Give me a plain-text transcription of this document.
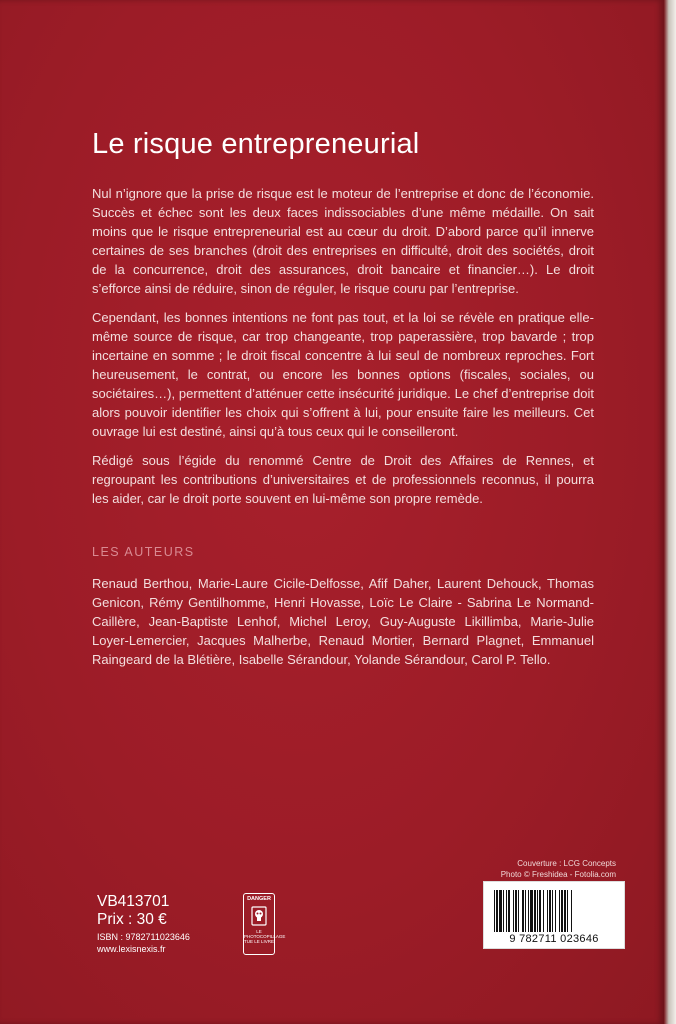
Le risque entrepreneurial

Nul n’ignore que la prise de risque est le moteur de l’entreprise et donc de l’économie. Succès et échec sont les deux faces indissociables d’une même médaille. On sait moins que le risque entrepreneurial est au cœur du droit. D’abord parce qu’il innerve certaines de ses branches (droit des entreprises en difficulté, droit des sociétés, droit de la concurrence, droit des assurances, droit bancaire et financier…). Le droit s’efforce ainsi de réduire, sinon de réguler, le risque couru par l’entreprise.

Cependant, les bonnes intentions ne font pas tout, et la loi se révèle en pratique elle-même source de risque, car trop changeante, trop paperassière, trop bavarde ; trop incertaine en somme ; le droit fiscal concentre à lui seul de nombreux reproches. Fort heureusement, le contrat, ou encore les bonnes options (fiscales, sociales, ou sociétaires…), permettent d’atténuer cette insécurité juridique. Le chef d’entreprise doit alors pouvoir identifier les choix qui s’offrent à lui, pour ensuite faire les meilleurs. Cet ouvrage lui est destiné, ainsi qu’à tous ceux qui le conseilleront.

Rédigé sous l’égide du renommé Centre de Droit des Affaires de Rennes, et regroupant les contributions d’universitaires et de professionnels reconnus, il pourra les aider, car le droit porte souvent en lui-même son propre remède.

LES AUTEURS
Renaud Berthou, Marie-Laure Cicile-Delfosse, Afif Daher, Laurent Dehouck, Thomas Genicon, Rémy Gentilhomme, Henri Hovasse, Loïc Le Claire - Sabrina Le Normand-Caillère, Jean-Baptiste Lenhof, Michel Leroy, Guy-Auguste Likillimba, Marie-Julie Loyer-Lemercier, Jacques Malherbe, Renaud Mortier, Bernard Plagnet, Emmanuel Raingeard de la Blétière, Isabelle Sérandour, Yolande Sérandour, Carol P. Tello.
Couverture : LCG Concepts
Photo © Freshidea - Fotolia.com
9 782711 023646
VB413701
Prix : 30 €
ISBN : 9782711023646
www.lexisnexis.fr
DANGER
LE PHOTOCOPILLAGE TUE LE LIVRE
